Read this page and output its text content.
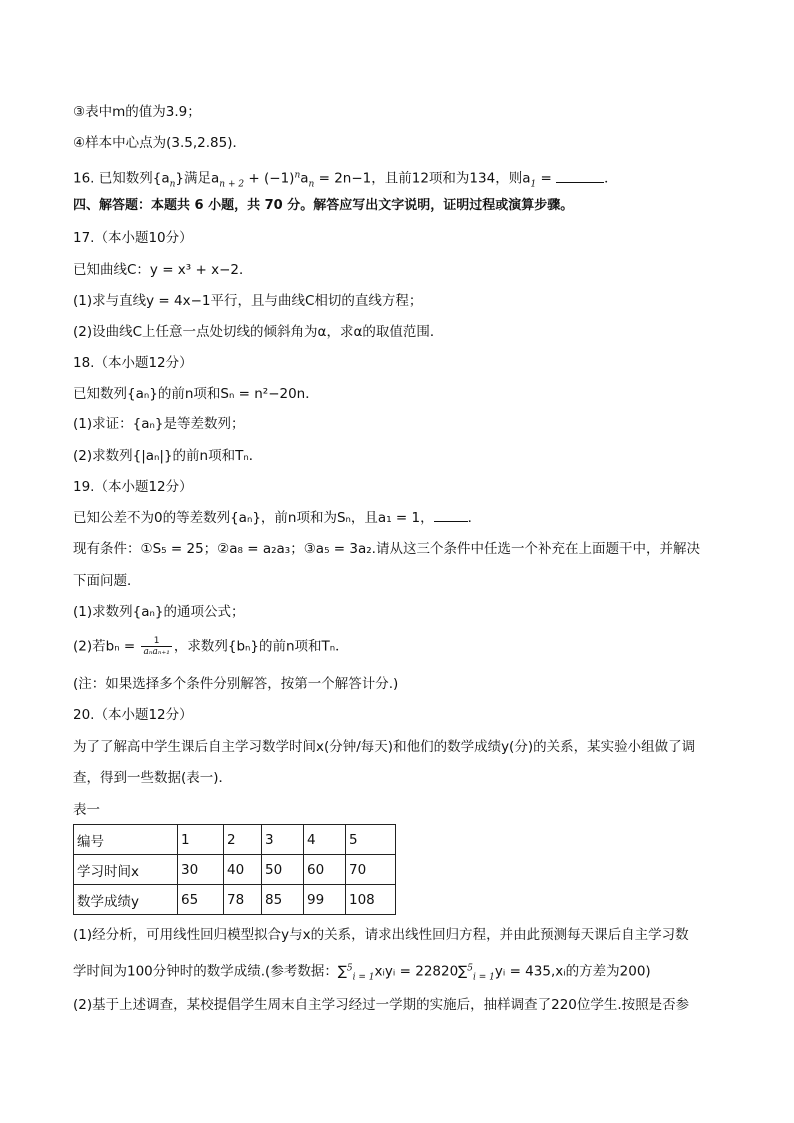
③表中m的值为3.9；
④样本中心点为(3.5,2.85)．
16. 已知数列$\{a_n\}$满足$a_{n + 2} + (-1)^na_n = 2n-1$，且前12项和为134，则$a_1$ =	．
四、解答题：本题共 6 小题，共 70 分。解答应写出文字说明，证明过程或演算步骤。
17.（本小题10分）
已知曲线C：y = x³ + x−2．
(1)求与直线y = 4x−1平行，且与曲线C相切的直线方程；
(2)设曲线C上任意一点处切线的倾斜角为α，求α的取值范围．
18.（本小题12分）
已知数列{aₙ}的前n项和Sₙ = n²−20n．
(1)求证：{aₙ}是等差数列；
(2)求数列{|aₙ|}的前n项和Tₙ．
19.（本小题12分）
已知公差不为0的等差数列{aₙ}，前n项和为Sₙ，且a₁ = 1，	．
现有条件：①S₅ = 25；②a₈ = a₂a₃；③a₅ = 3a₂.请从这三个条件中任选一个补充在上面题干中，并解决
下面问题．
(1)求数列{aₙ}的通项公式；
(2)若$b_n = \frac{1}{\text{aₙaₙ₊₁}}$ ，求数列{bₙ}的前n项和Tₙ．
(注：如果选择多个条件分别解答，按第一个解答计分.)
20.（本小题12分）
为了了解高中学生课后自主学习数学时间x(分钟/每天)和他们的数学成绩y(分)的关系，某实验小组做了调
查，得到一些数据(表一)．
表一
编号	1	2	3	4	5
学习时间x	30	40	50	60	70
数学成绩y	65	78	85	99	108
(1)经分析，可用线性回归模型拟合y与x的关系，请求出线性回归方程，并由此预测每天课后自主学习数
学时间为100分钟时的数学成绩.(参考数据：∑$^5_{i = 1}$xᵢyᵢ = 22820∑$^5_{i = 1}$yᵢ = 435,xᵢ的方差为200)
(2)基于上述调查，某校提倡学生周末自主学习经过一学期的实施后，抽样调查了220位学生.按照是否参
